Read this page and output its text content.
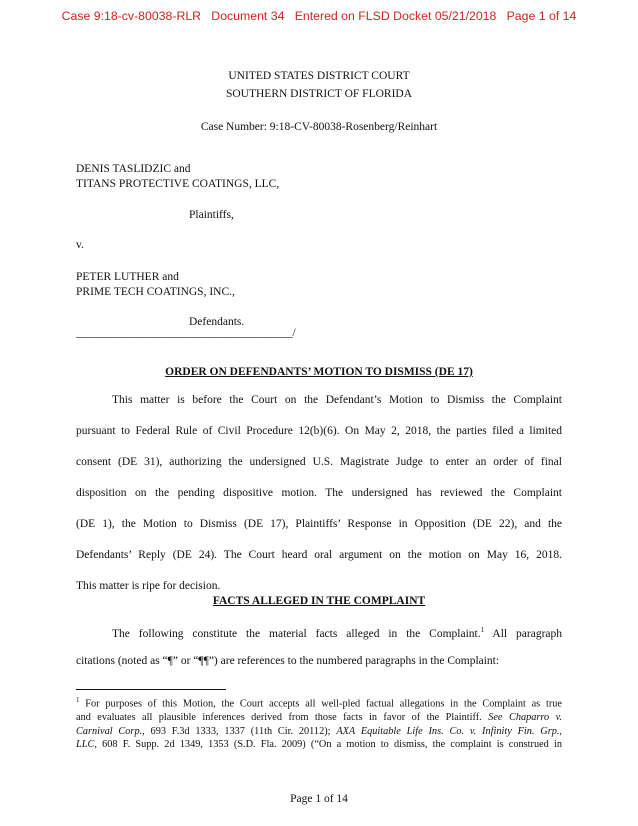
Case 9:18-cv-80038-RLR   Document 34   Entered on FLSD Docket 05/21/2018   Page 1 of 14
UNITED STATES DISTRICT COURT
SOUTHERN DISTRICT OF FLORIDA
Case Number: 9:18-CV-80038-Rosenberg/Reinhart
DENIS TASLIDZIC and
TITANS PROTECTIVE COATINGS, LLC,
Plaintiffs,
v.
PETER LUTHER and
PRIME TECH COATINGS, INC.,
Defendants.
_______________________________________/
ORDER ON DEFENDANTS’ MOTION TO DISMISS (DE 17)
This matter is before the Court on the Defendant’s Motion to Dismiss the Complaint
pursuant to Federal Rule of Civil Procedure 12(b)(6). On May 2, 2018, the parties filed a limited
consent (DE 31), authorizing the undersigned U.S. Magistrate Judge to enter an order of final
disposition on the pending dispositive motion. The undersigned has reviewed the Complaint
(DE 1), the Motion to Dismiss (DE 17), Plaintiffs’ Response in Opposition (DE 22), and the
Defendants’ Reply (DE 24). The Court heard oral argument on the motion on May 16, 2018.
This matter is ripe for decision.
FACTS ALLEGED IN THE COMPLAINT
The following constitute the material facts alleged in the Complaint.$^1$ All paragraph
citations (noted as “¶” or “¶¶”) are references to the numbered paragraphs in the Complaint:
$^1$ For purposes of this Motion, the Court accepts all well-pled factual allegations in the Complaint as true
and evaluates all plausible inferences derived from those facts in favor of the Plaintiff. See Chaparro v.
Carnival Corp., 693 F.3d 1333, 1337 (11th Cir. 20112); AXA Equitable Life Ins. Co. v. Infinity Fin. Grp.,
LLC, 608 F. Supp. 2d 1349, 1353 (S.D. Fla. 2009) (“On a motion to dismiss, the complaint is construed in
Page 1 of 14
